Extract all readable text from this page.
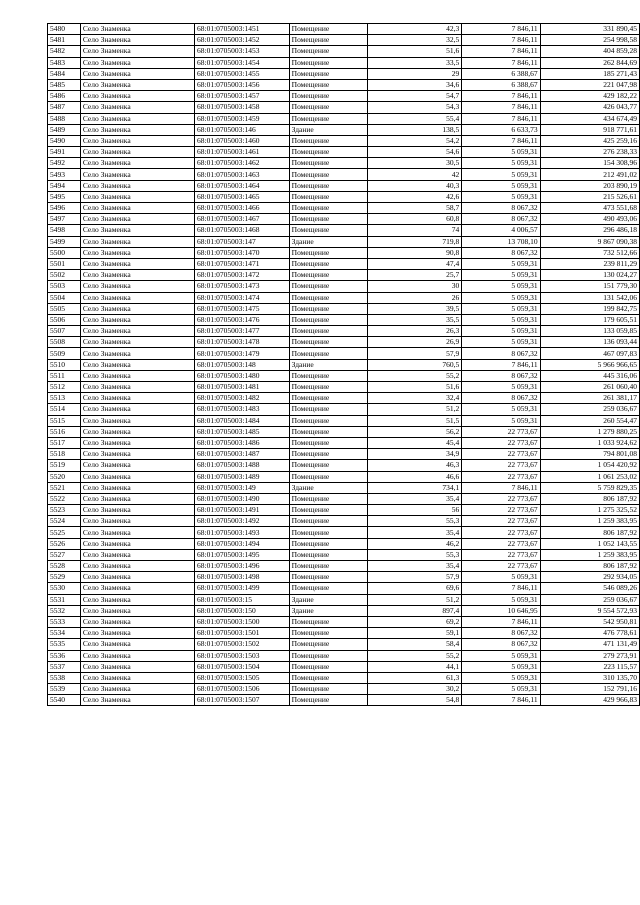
5480	Село Знаменка	68:01:0705003:1451	Помещение	42,3	7 846,11	331 890,45
5481	Село Знаменка	68:01:0705003:1452	Помещение	32,5	7 846,11	254 998,58
5482	Село Знаменка	68:01:0705003:1453	Помещение	51,6	7 846,11	404 859,28
5483	Село Знаменка	68:01:0705003:1454	Помещение	33,5	7 846,11	262 844,69
5484	Село Знаменка	68:01:0705003:1455	Помещение	29	6 388,67	185 271,43
5485	Село Знаменка	68:01:0705003:1456	Помещение	34,6	6 388,67	221 047,98
5486	Село Знаменка	68:01:0705003:1457	Помещение	54,7	7 846,11	429 182,22
5487	Село Знаменка	68:01:0705003:1458	Помещение	54,3	7 846,11	426 043,77
5488	Село Знаменка	68:01:0705003:1459	Помещение	55,4	7 846,11	434 674,49
5489	Село Знаменка	68:01:0705003:146	Здание	138,5	6 633,73	918 771,61
5490	Село Знаменка	68:01:0705003:1460	Помещение	54,2	7 846,11	425 259,16
5491	Село Знаменка	68:01:0705003:1461	Помещение	54,6	5 059,31	276 238,33
5492	Село Знаменка	68:01:0705003:1462	Помещение	30,5	5 059,31	154 308,96
5493	Село Знаменка	68:01:0705003:1463	Помещение	42	5 059,31	212 491,02
5494	Село Знаменка	68:01:0705003:1464	Помещение	40,3	5 059,31	203 890,19
5495	Село Знаменка	68:01:0705003:1465	Помещение	42,6	5 059,31	215 526,61
5496	Село Знаменка	68:01:0705003:1466	Помещение	58,7	8 067,32	473 551,68
5497	Село Знаменка	68:01:0705003:1467	Помещение	60,8	8 067,32	490 493,06
5498	Село Знаменка	68:01:0705003:1468	Помещение	74	4 006,57	296 486,18
5499	Село Знаменка	68:01:0705003:147	Здание	719,8	13 708,10	9 867 090,38
5500	Село Знаменка	68:01:0705003:1470	Помещение	90,8	8 067,32	732 512,66
5501	Село Знаменка	68:01:0705003:1471	Помещение	47,4	5 059,31	239 811,29
5502	Село Знаменка	68:01:0705003:1472	Помещение	25,7	5 059,31	130 024,27
5503	Село Знаменка	68:01:0705003:1473	Помещение	30	5 059,31	151 779,30
5504	Село Знаменка	68:01:0705003:1474	Помещение	26	5 059,31	131 542,06
5505	Село Знаменка	68:01:0705003:1475	Помещение	39,5	5 059,31	199 842,75
5506	Село Знаменка	68:01:0705003:1476	Помещение	35,5	5 059,31	179 605,51
5507	Село Знаменка	68:01:0705003:1477	Помещение	26,3	5 059,31	133 059,85
5508	Село Знаменка	68:01:0705003:1478	Помещение	26,9	5 059,31	136 093,44
5509	Село Знаменка	68:01:0705003:1479	Помещение	57,9	8 067,32	467 097,83
5510	Село Знаменка	68:01:0705003:148	Здание	760,5	7 846,11	5 966 966,65
5511	Село Знаменка	68:01:0705003:1480	Помещение	55,2	8 067,32	445 316,06
5512	Село Знаменка	68:01:0705003:1481	Помещение	51,6	5 059,31	261 060,40
5513	Село Знаменка	68:01:0705003:1482	Помещение	32,4	8 067,32	261 381,17
5514	Село Знаменка	68:01:0705003:1483	Помещение	51,2	5 059,31	259 036,67
5515	Село Знаменка	68:01:0705003:1484	Помещение	51,5	5 059,31	260 554,47
5516	Село Знаменка	68:01:0705003:1485	Помещение	56,2	22 773,67	1 279 880,25
5517	Село Знаменка	68:01:0705003:1486	Помещение	45,4	22 773,67	1 033 924,62
5518	Село Знаменка	68:01:0705003:1487	Помещение	34,9	22 773,67	794 801,08
5519	Село Знаменка	68:01:0705003:1488	Помещение	46,3	22 773,67	1 054 420,92
5520	Село Знаменка	68:01:0705003:1489	Помещение	46,6	22 773,67	1 061 253,02
5521	Село Знаменка	68:01:0705003:149	Здание	734,1	7 846,11	5 759 829,35
5522	Село Знаменка	68:01:0705003:1490	Помещение	35,4	22 773,67	806 187,92
5523	Село Знаменка	68:01:0705003:1491	Помещение	56	22 773,67	1 275 325,52
5524	Село Знаменка	68:01:0705003:1492	Помещение	55,3	22 773,67	1 259 383,95
5525	Село Знаменка	68:01:0705003:1493	Помещение	35,4	22 773,67	806 187,92
5526	Село Знаменка	68:01:0705003:1494	Помещение	46,2	22 773,67	1 052 143,55
5527	Село Знаменка	68:01:0705003:1495	Помещение	55,3	22 773,67	1 259 383,95
5528	Село Знаменка	68:01:0705003:1496	Помещение	35,4	22 773,67	806 187,92
5529	Село Знаменка	68:01:0705003:1498	Помещение	57,9	5 059,31	292 934,05
5530	Село Знаменка	68:01:0705003:1499	Помещение	69,6	7 846,11	546 089,26
5531	Село Знаменка	68:01:0705003:15	Здание	51,2	5 059,31	259 036,67
5532	Село Знаменка	68:01:0705003:150	Здание	897,4	10 646,95	9 554 572,93
5533	Село Знаменка	68:01:0705003:1500	Помещение	69,2	7 846,11	542 950,81
5534	Село Знаменка	68:01:0705003:1501	Помещение	59,1	8 067,32	476 778,61
5535	Село Знаменка	68:01:0705003:1502	Помещение	58,4	8 067,32	471 131,49
5536	Село Знаменка	68:01:0705003:1503	Помещение	55,2	5 059,31	279 273,91
5537	Село Знаменка	68:01:0705003:1504	Помещение	44,1	5 059,31	223 115,57
5538	Село Знаменка	68:01:0705003:1505	Помещение	61,3	5 059,31	310 135,70
5539	Село Знаменка	68:01:0705003:1506	Помещение	30,2	5 059,31	152 791,16
5540	Село Знаменка	68:01:0705003:1507	Помещение	54,8	7 846,11	429 966,83
